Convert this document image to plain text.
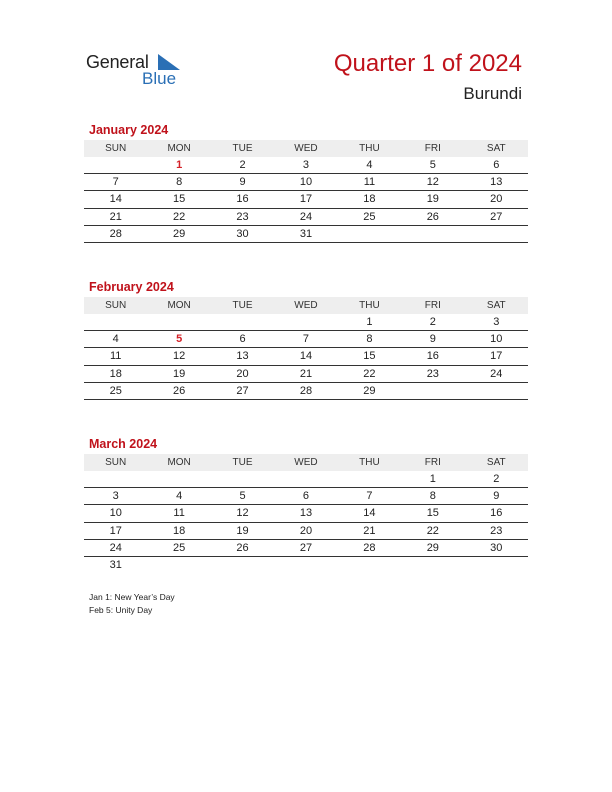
General
Blue
Quarter 1 of 2024
Burundi
January 2024
SUN	MON	TUE	WED	THU	FRI	SAT
	1	2	3	4	5	6
7	8	9	10	11	12	13
14	15	16	17	18	19	20
21	22	23	24	25	26	27
28	29	30	31			
February 2024
SUN	MON	TUE	WED	THU	FRI	SAT
				1	2	3
4	5	6	7	8	9	10
11	12	13	14	15	16	17
18	19	20	21	22	23	24
25	26	27	28	29		
March 2024
SUN	MON	TUE	WED	THU	FRI	SAT
					1	2
3	4	5	6	7	8	9
10	11	12	13	14	15	16
17	18	19	20	21	22	23
24	25	26	27	28	29	30
31						
Jan 1: New Year’s Day
Feb 5: Unity Day
